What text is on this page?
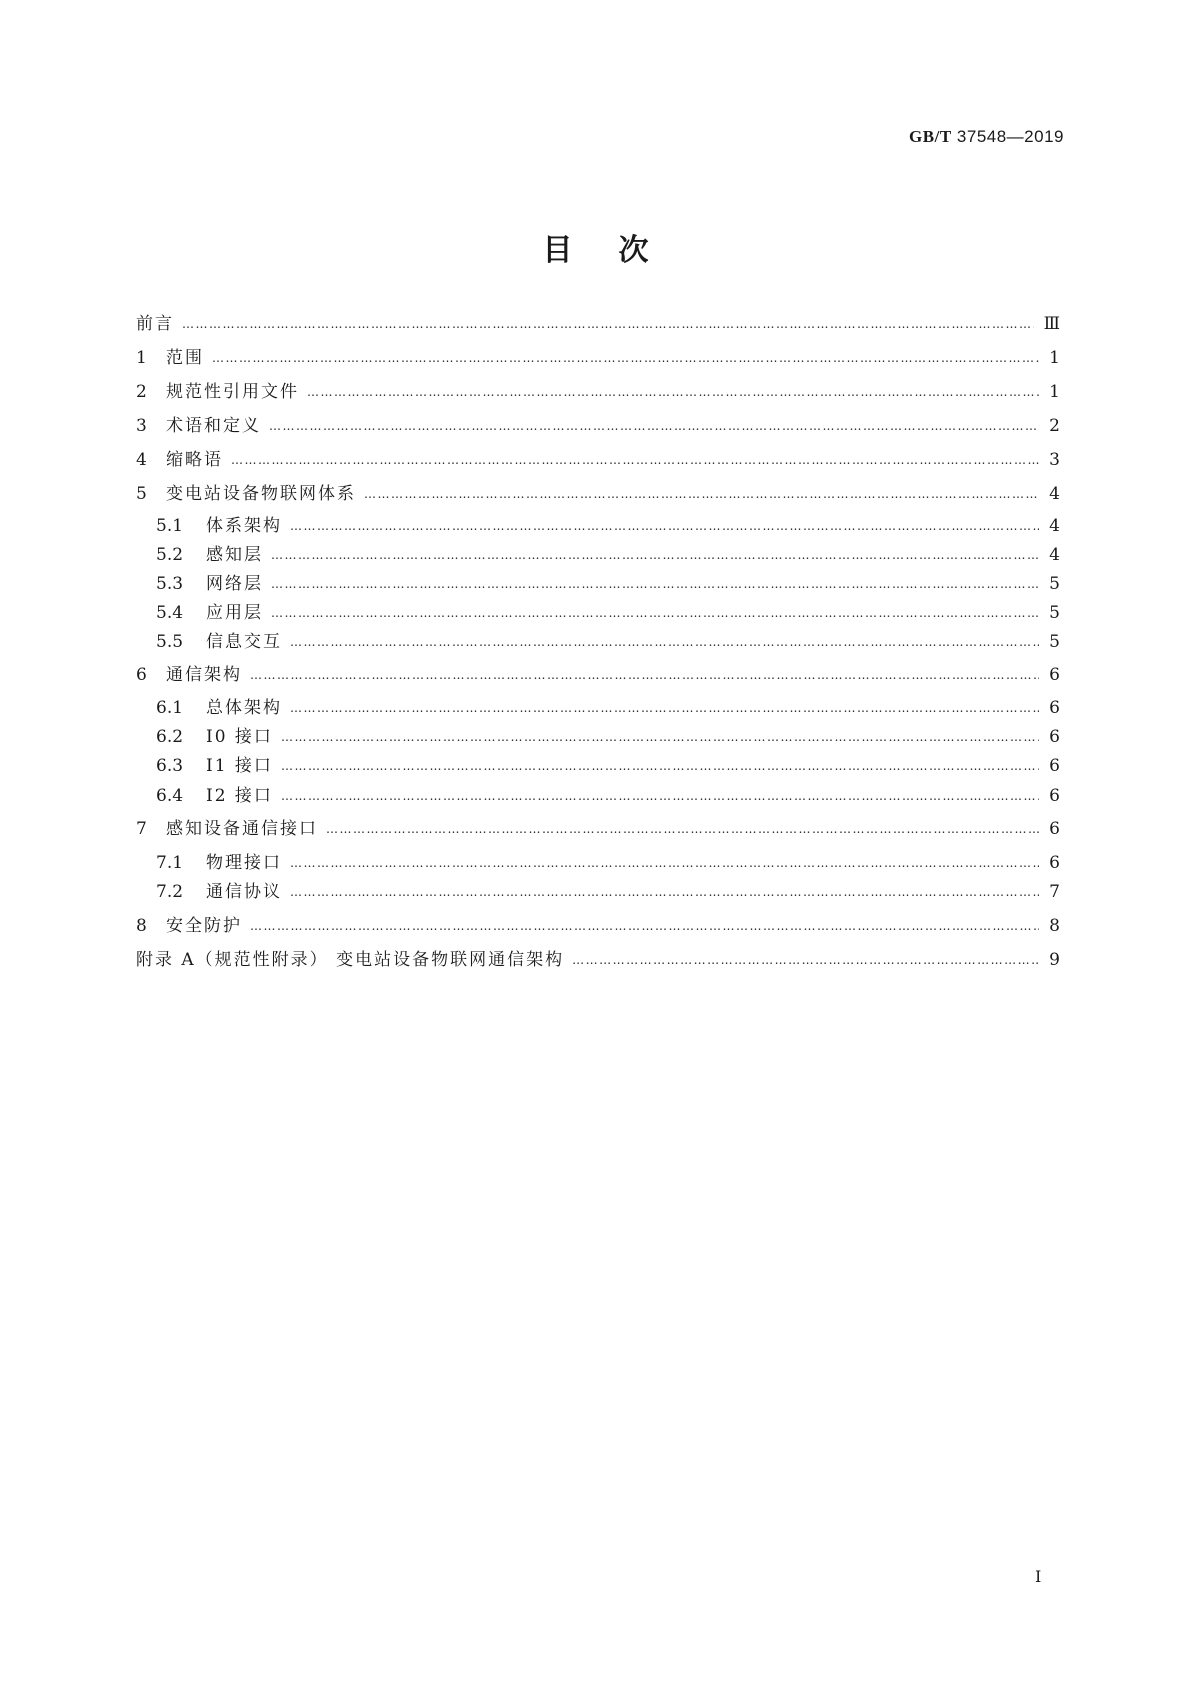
GB/T 37548—2019
目次
前言 …………………………………………………………………………………………………………………………………………………………………………………………………………………………………………………………………………………………………………………………	Ⅲ
1	范围 …………………………………………………………………………………………………………………………………………………………………………………………………………………………………………………………………………………………………………………………	1
2	规范性引用文件 …………………………………………………………………………………………………………………………………………………………………………………………………………………………………………………………………………………………………………………………	1
3	术语和定义 …………………………………………………………………………………………………………………………………………………………………………………………………………………………………………………………………………………………………………………………	2
4	缩略语 …………………………………………………………………………………………………………………………………………………………………………………………………………………………………………………………………………………………………………………………	3
5	变电站设备物联网体系 …………………………………………………………………………………………………………………………………………………………………………………………………………………………………………………………………………………………………………………………	4
5.1	体系架构 …………………………………………………………………………………………………………………………………………………………………………………………………………………………………………………………………………………………………………………………	4
5.2	感知层 …………………………………………………………………………………………………………………………………………………………………………………………………………………………………………………………………………………………………………………………	4
5.3	网络层 …………………………………………………………………………………………………………………………………………………………………………………………………………………………………………………………………………………………………………………………	5
5.4	应用层 …………………………………………………………………………………………………………………………………………………………………………………………………………………………………………………………………………………………………………………………	5
5.5	信息交互 …………………………………………………………………………………………………………………………………………………………………………………………………………………………………………………………………………………………………………………………	5
6	通信架构 …………………………………………………………………………………………………………………………………………………………………………………………………………………………………………………………………………………………………………………………	6
6.1	总体架构 …………………………………………………………………………………………………………………………………………………………………………………………………………………………………………………………………………………………………………………………	6
6.2	I0 接口 …………………………………………………………………………………………………………………………………………………………………………………………………………………………………………………………………………………………………………………………	6
6.3	I1 接口 …………………………………………………………………………………………………………………………………………………………………………………………………………………………………………………………………………………………………………………………	6
6.4	I2 接口 …………………………………………………………………………………………………………………………………………………………………………………………………………………………………………………………………………………………………………………………	6
7	感知设备通信接口 …………………………………………………………………………………………………………………………………………………………………………………………………………………………………………………………………………………………………………………………	6
7.1	物理接口 …………………………………………………………………………………………………………………………………………………………………………………………………………………………………………………………………………………………………………………………	6
7.2	通信协议 …………………………………………………………………………………………………………………………………………………………………………………………………………………………………………………………………………………………………………………………	7
8	安全防护 …………………………………………………………………………………………………………………………………………………………………………………………………………………………………………………………………………………………………………………………	8
附录 A（规范性附录） 变电站设备物联网通信架构 …………………………………………………………………………………………………………………………………………………………………………………………………………………………………………………………………………………………………………………………	9
Ⅰ
